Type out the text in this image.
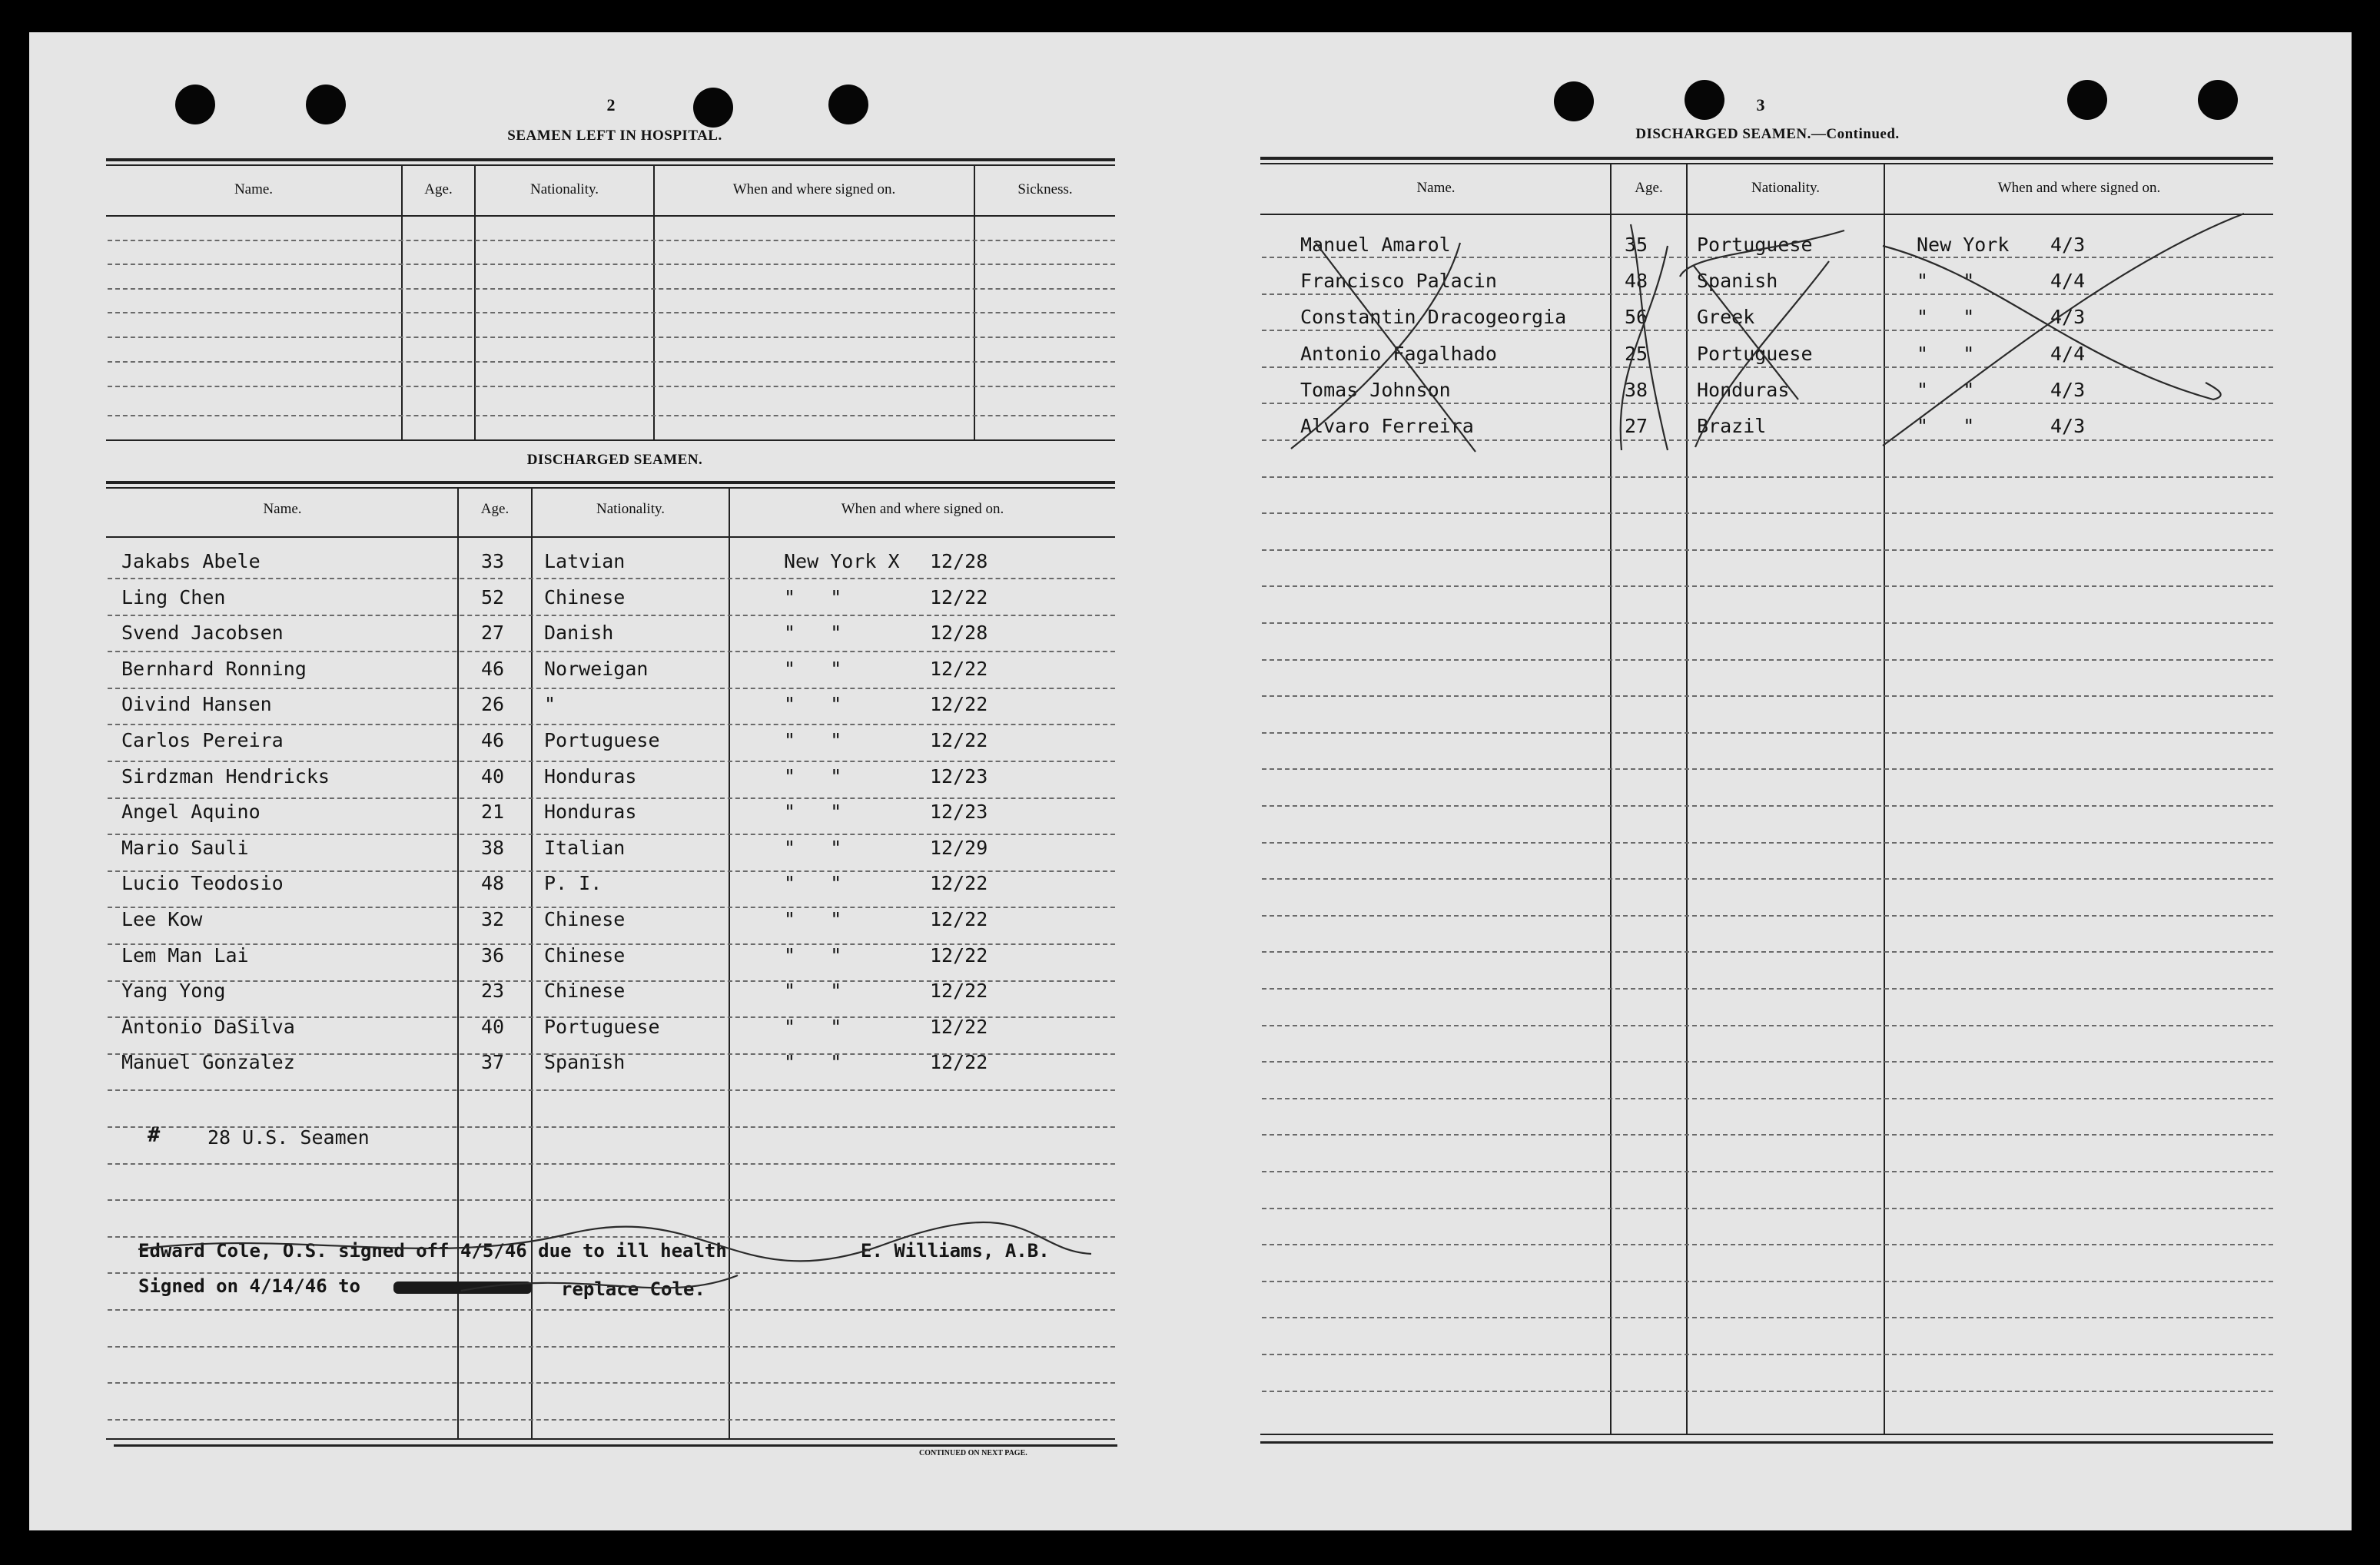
2
SEAMEN LEFT IN HOSPITAL.
Name.	Age.	Nationality.	When and where signed on.	Sickness.
DISCHARGED SEAMEN.
Name.	Age.	Nationality.	When and where signed on.
Jakabs Abele	33 Latvian	New York X 12/28
Ling Chen	52 Chinese	"   "	12/22
Svend Jacobsen	27 Danish	"   "	12/28
Bernhard Ronning	46 Norweigan	"   "	12/22
Oivind Hansen	26 "	"   "	12/22
Carlos Pereira	46 Portuguese	"   "	12/22
Sirdzman Hendricks	40 Honduras	"   "	12/23
Angel Aquino	21 Honduras	"   "	12/23
Mario Sauli	38 Italian	"   "	12/29
Lucio Teodosio	48 P. I.	"   "	12/22
Lee Kow	32 Chinese	"   "	12/22
Lem Man Lai	36 Chinese	"   "	12/22
Yang Yong	23 Chinese	"   "	12/22
Antonio DaSilva	40 Portuguese	"   "	12/22
Manuel Gonzalez	37 Spanish	"   "	12/22
# 28 U.S. Seamen
Edward Cole, O.S. signed off 4/5/46 due to ill health	E. Williams, A.B.
Signed on 4/14/46 to	replace Cole.
CONTINUED ON NEXT PAGE.
3
DISCHARGED SEAMEN.—Continued.
Name.	Age.	Nationality.	When and where signed on.
Manuel Amarol	35	Portuguese	New York 4/3
Francisco Palacin	48	Spanish	"   "	4/4
Constantin Dracogeorgia	56	Greek	"   "	4/3
Antonio Fagalhado	25	Portuguese	"   "	4/4
Tomas Johnson	38	Honduras	"   "	4/3
Alvaro Ferreira	27	Brazil	"   "	4/3
